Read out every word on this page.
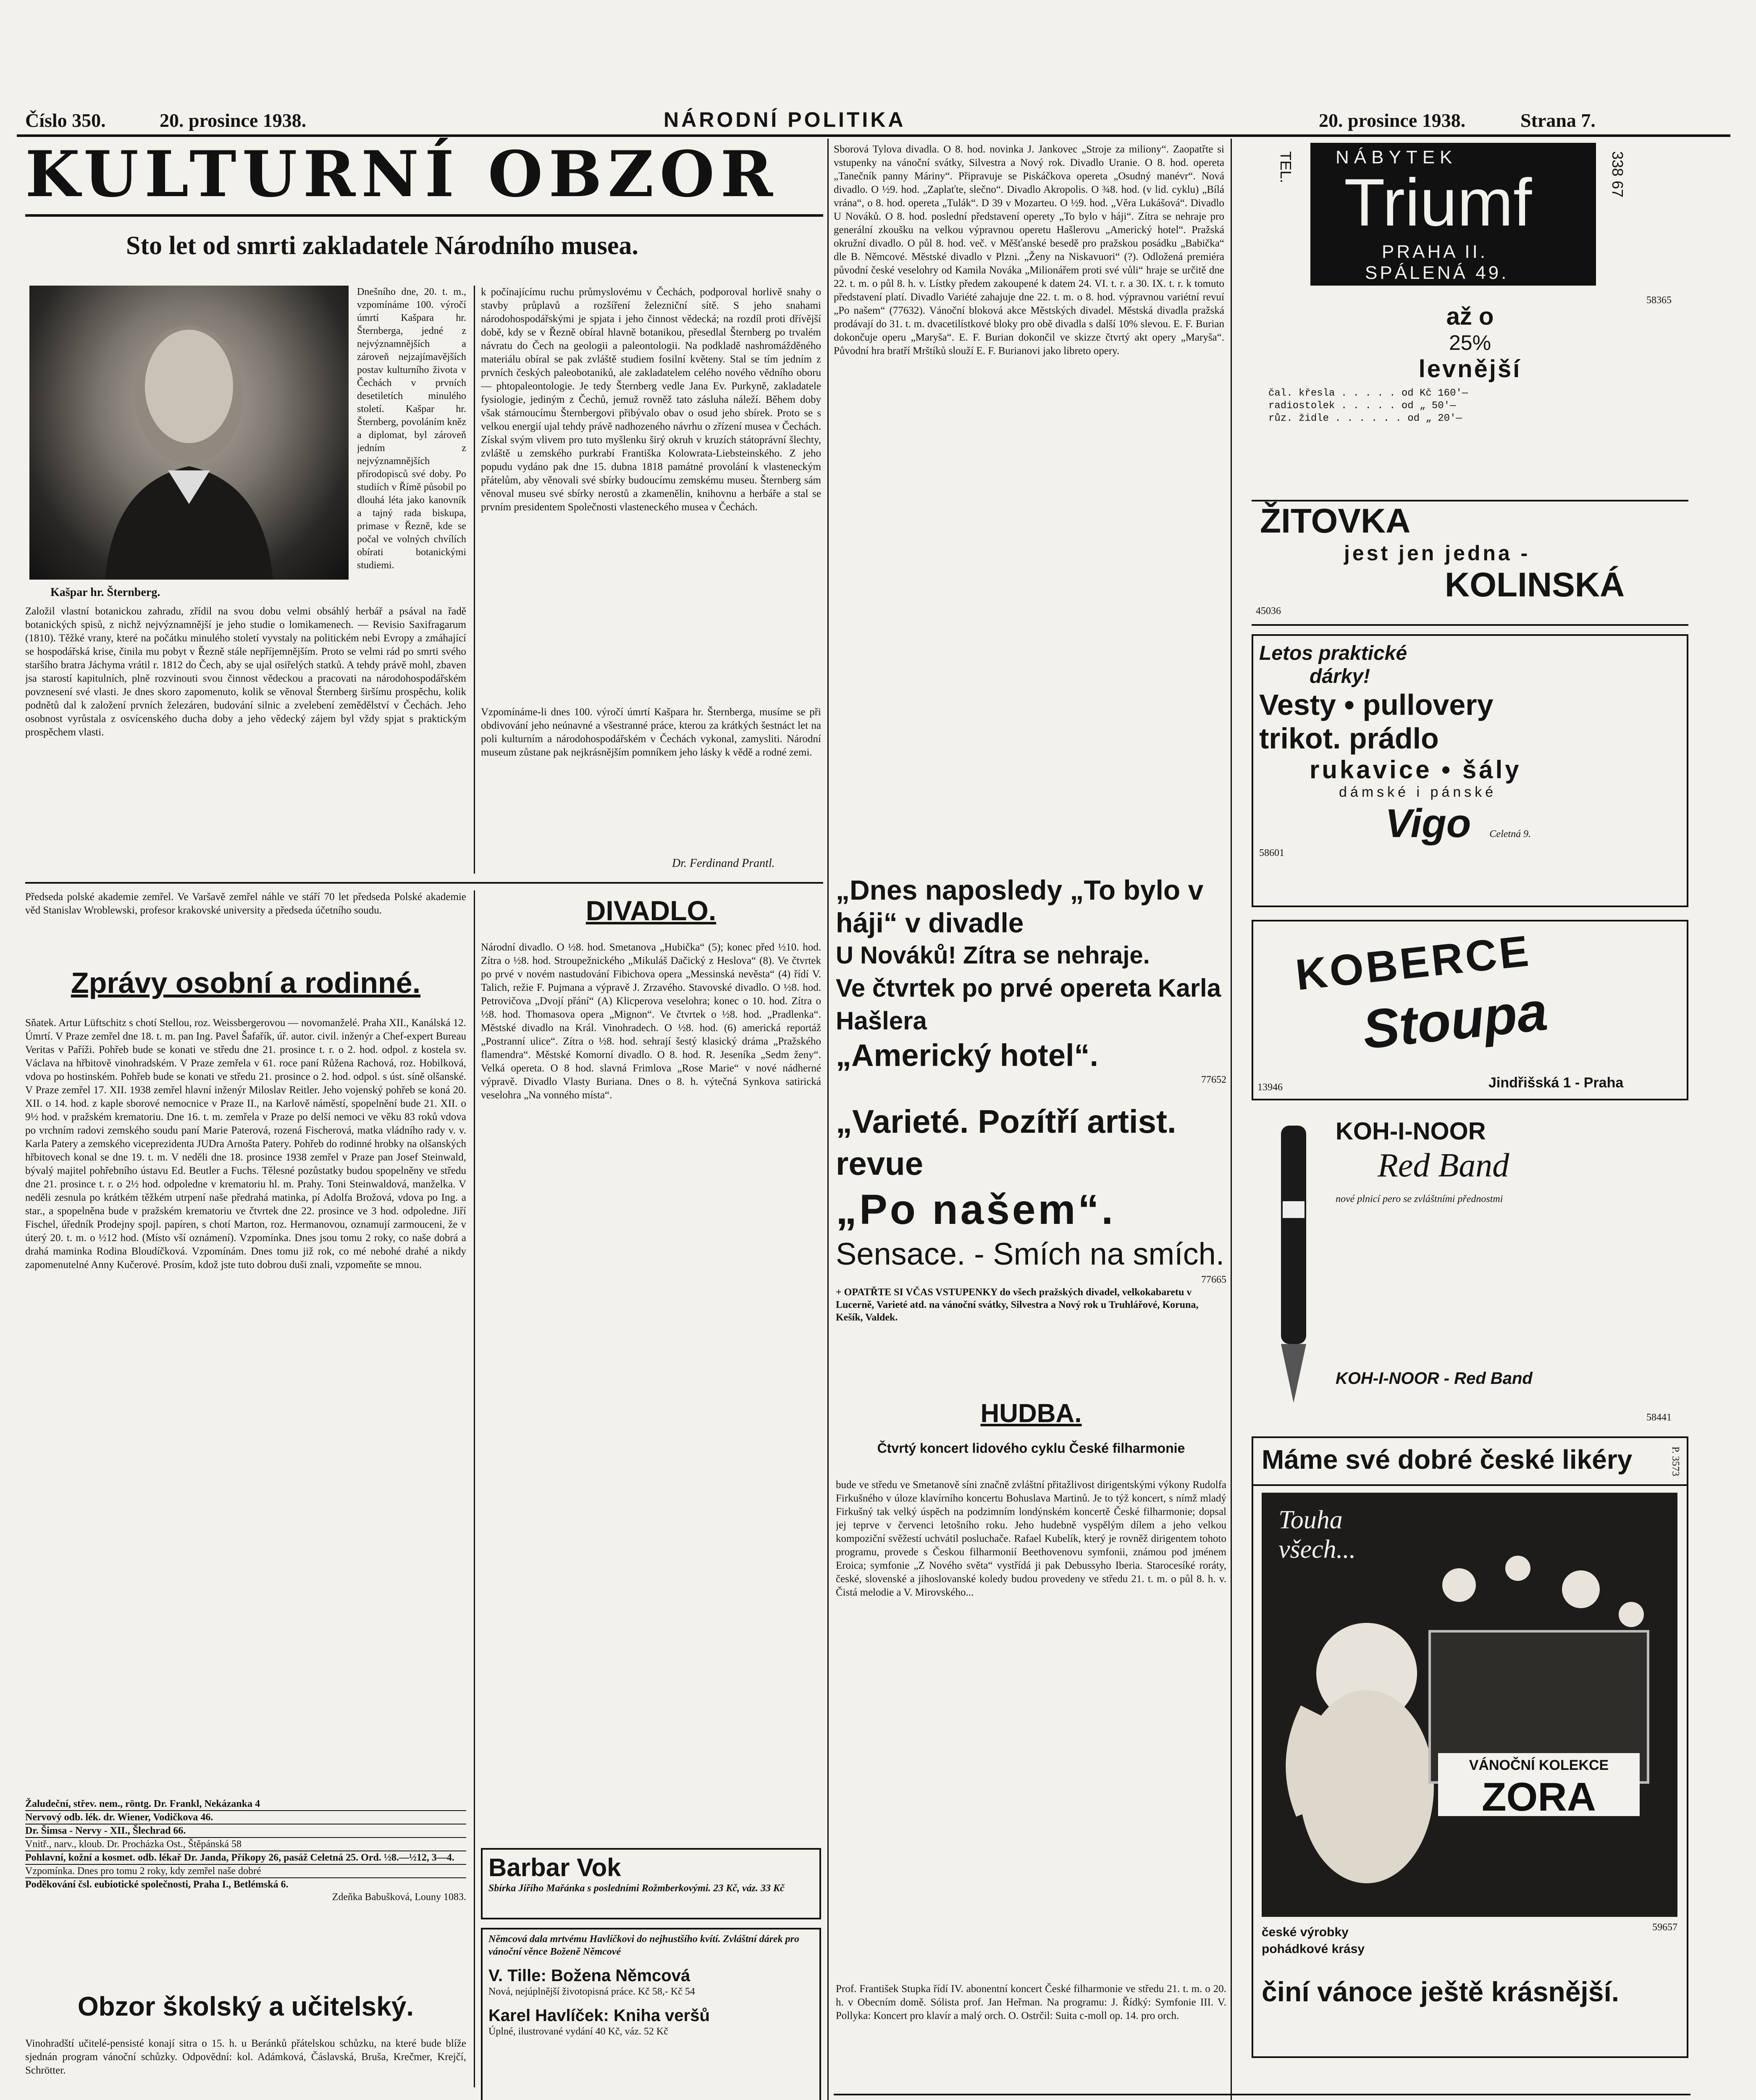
Číslo 350.	20. prosince 1938.	NÁRODNÍ POLITIKA	20. prosince 1938.	Strana 7.
KULTURNÍ OBZOR
Sto let od smrti zakladatele Národního musea.
Kašpar hr. Šternberg.
Dnešního dne, 20. t. m., vzpomínáme 100. výročí úmrtí Kašpara hr. Šternberga, jedné z nejvýznamnějších a zároveň nejzajímavějších postav kulturního života v Čechách v prvních desetiletích minulého století. Kašpar hr. Šternberg, povoláním kněz a diplomat, byl zároveň jedním z nejvýznamnějších přírodopisců své doby. Po studiích v Římě působil po dlouhá léta jako kanovník a tajný rada biskupa, primase v Řezně, kde se počal ve volných chvílích obírati botanickými studiemi.
Založil vlastní botanickou zahradu, zřídil na svou dobu velmi obsáhlý herbář a psával na řadě botanických spisů, z nichž nejvýznamnější je jeho studie o lomikamenech. — Revisio Saxifragarum (1810). Těžké vrany, které na počátku minulého století vyvstaly na politickém nebi Evropy a zmáhající se hospodářská krise, činila mu pobyt v Řezně stále nepříjemnějším. Proto se velmi rád po smrti svého staršího bratra Jáchyma vrátil r. 1812 do Čech, aby se ujal osiřelých statků. A tehdy právě mohl, zbaven jsa starostí kapitulních, plně rozvinouti svou činnost vědeckou a pracovati na národohospodářském povznesení své vlasti. Je dnes skoro zapomenuto, kolik se věnoval Šternberg širšímu prospěchu, kolik podnětů dal k založení prvních železáren, budování silnic a zvelebení zemědělství v Čechách. Jeho osobnost vyrůstala z osvícenského ducha doby a jeho vědecký zájem byl vždy spjat s praktickým prospěchem vlasti.
k počínajícímu ruchu průmyslovému v Čechách, podporoval horlivě snahy o stavby průplavů a rozšíření železniční sítě. S jeho snahami národohospodářskými je spjata i jeho činnost vědecká; na rozdíl proti dřívější době, kdy se v Řezně obíral hlavně botanikou, přesedlal Šternberg po trvalém návratu do Čech na geologii a paleontologii. Na podkladě nashromážděného materiálu obíral se pak zvláště studiem fosilní květeny. Stal se tím jedním z prvních českých paleobotaniků, ale zakladatelem celého nového vědního oboru — phtopaleontologie. Je tedy Šternberg vedle Jana Ev. Purkyně, zakladatele fysiologie, jediným z Čechů, jemuž rovněž tato zásluha náleží. Během doby však stárnoucímu Šternbergovi přibývalo obav o osud jeho sbírek. Proto se s velkou energií ujal tehdy právě nadhozeného návrhu o zřízení musea v Čechách. Získal svým vlivem pro tuto myšlenku širý okruh v kruzích státoprávní šlechty, zvláště u zemského purkrabí Františka Kolowrata-Liebsteinského. Z jeho popudu vydáno pak dne 15. dubna 1818 památné provolání k vlasteneckým přátelům, aby věnovali své sbírky budoucímu zemskému museu. Šternberg sám věnoval museu své sbírky nerostů a zkamenělin, knihovnu a herbáře a stal se prvním presidentem Společnosti vlasteneckého musea v Čechách.
Vzpomínáme-li dnes 100. výročí úmrtí Kašpara hr. Šternberga, musíme se při obdivování jeho neúnavné a všestranné práce, kterou za krátkých šestnáct let na poli kulturním a národohospodářském v Čechách vykonal, zamysliti. Národní museum zůstane pak nejkrásnějším pomníkem jeho lásky k vědě a rodné zemi.
Dr. Ferdinand Prantl.
Předseda polské akademie zemřel. Ve Varšavě zemřel náhle ve stáří 70 let předseda Polské akademie věd Stanislav Wroblewski, profesor krakovské university a předseda účetního soudu.
Zprávy osobní a rodinné.
Sňatek. Artur Lüftschitz s chotí Stellou, roz. Weissbergerovou — novomanželé. Praha XII., Kanálská 12. Úmrtí. V Praze zemřel dne 18. t. m. pan Ing. Pavel Šafařík, úř. autor. civil. inženýr a Chef-expert Bureau Veritas v Paříži. Pohřeb bude se konati ve středu dne 21. prosince t. r. o 2. hod. odpol. z kostela sv. Václava na hřbitově vinohradském. V Praze zemřela v 61. roce paní Růžena Rachová, roz. Hobilková, vdova po hostinském. Pohřeb bude se konati ve středu 21. prosince o 2. hod. odpol. s úst. síně olšanské. V Praze zemřel 17. XII. 1938 zemřel hlavní inženýr Miloslav Reitler. Jeho vojenský pohřeb se koná 20. XII. o 14. hod. z kaple sborové nemocnice v Praze II., na Karlově náměstí, spopelnění bude 21. XII. o 9½ hod. v pražském krematoriu. Dne 16. t. m. zemřela v Praze po delší nemoci ve věku 83 roků vdova po vrchním radovi zemského soudu paní Marie Paterová, rozená Fischerová, matka vládního rady v. v. Karla Patery a zemského viceprezidenta JUDra Arnošta Patery. Pohřeb do rodinné hrobky na olšanských hřbitovech konal se dne 19. t. m. V neděli dne 18. prosince 1938 zemřel v Praze pan Josef Steinwald, bývalý majitel pohřebního ústavu Ed. Beutler a Fuchs. Tělesné pozůstatky budou spopelněny ve středu dne 21. prosince t. r. o 2½ hod. odpoledne v krematoriu hl. m. Prahy. Toni Steinwaldová, manželka. V neděli zesnula po krátkém těžkém utrpení naše předrahá matinka, pí Adolfa Brožová, vdova po Ing. a star., a spopelněna bude v pražském krematoriu ve čtvrtek dne 22. prosince ve 3 hod. odpoledne. Jiří Fischel, úředník Prodejny spojl. papíren, s chotí Marton, roz. Hermanovou, oznamují zarmouceni, že v úterý 20. t. m. o ½12 hod. (Místo vší oznámení). Vzpomínka. Dnes jsou tomu 2 roky, co naše dobrá a drahá maminka Rodina Bloudíčková. Vzpomínám. Dnes tomu již rok, co mé nebohé drahé a nikdy zapomenutelné Anny Kučerové. Prosím, kdož jste tuto dobrou duši znali, vzpomeňte se mnou.
Žaludeční, střev. nem., röntg. Dr. Frankl, Nekázanka 4
Nervový odb. lék. dr. Wiener, Vodičkova 46.
Dr. Šimsa - Nervy - XII., Šlechrad 66.
Vnitř., narv., kloub. Dr. Procházka Ost., Štěpánská 58
Pohlavní, kožní a kosmet. odb. lékař Dr. Janda, Příkopy 26, pasáž Celetná 25. Ord. ½8.—½12, 3—4.
Vzpomínka. Dnes pro tomu 2 roky, kdy zemřel naše dobré
Poděkování čsl. eubiotické společnosti, Praha I., Betlémská 6.
Zdeňka Babušková, Louny 1083.
Obzor školský a učitelský.
Vinohradští učitelé-pensisté konají sitra o 15. h. u Beránků přátelskou schůzku, na které bude blíže sjednán program vánoční schůzky. Odpovědní: kol. Adámková, Čáslavská, Bruša, Krečmer, Krejčí, Schrötter.
DIVADLO.
Národní divadlo. O ½8. hod. Smetanova „Hubička“ (5); konec před ½10. hod. Zítra o ½8. hod. Stroupežnického „Mikuláš Dačický z Heslova“ (8). Ve čtvrtek po prvé v novém nastudování Fibichova opera „Messinská nevěsta“ (4) řídí V. Talich, režie F. Pujmana a výpravě J. Zrzavého. Stavovské divadlo. O ½8. hod. Petrovičova „Dvojí přání“ (A) Klicperova veselohra; konec o 10. hod. Zítra o ½8. hod. Thomasova opera „Mignon“. Ve čtvrtek o ½8. hod. „Pradlenka“. Městské divadlo na Král. Vinohradech. O ½8. hod. (6) americká reportáž „Postranní ulice“. Zítra o ½8. hod. sehrají šestý klasický dráma „Pražského flamendra“. Městské Komorní divadlo. O 8. hod. R. Jeseníka „Sedm ženy“. Velká opereta. O 8 hod. slavná Frimlova „Rose Marie“ v nové nádherné výpravě. Divadlo Vlasty Buriana. Dnes o 8. h. výtečná Synkova satirická veselohra „Na vonného místa“.
Barbar Vok
Sbírka Jiřího Mařánka s posledními Rožmberkovými. 23 Kč, váz. 33 Kč
Němcová dala mrtvému Havlíčkovi do nejhustšího kvítí. Zvláštní dárek pro vánoční věnce Boženě Němcové
V. Tille: Božena Němcová
Nová, nejúplnější životopisná práce. Kč 58,- Kč 54
Karel Havlíček: Kniha veršů
Úplné, ilustrované vydání 40 Kč, váz. 52 Kč
Sborová Tylova divadla. O 8. hod. novinka J. Jankovec „Stroje za miliony“. Zaopatřte si vstupenky na vánoční svátky, Silvestra a Nový rok. Divadlo Uranie. O 8. hod. opereta „Tanečník panny Máriny“. Připravuje se Piskáčkova opereta „Osudný manévr“. Nová divadlo. O ½9. hod. „Zaplaťte, slečno“. Divadlo Akropolis. O ¾8. hod. (v lid. cyklu) „Bílá vrána“, o 8. hod. opereta „Tulák“. D 39 v Mozarteu. O ½9. hod. „Věra Lukášová“. Divadlo U Nováků. O 8. hod. poslední představení operety „To bylo v háji“. Zítra se nehraje pro generální zkoušku na velkou výpravnou operetu Hašlerovu „Americký hotel“. Pražská okružní divadlo. O půl 8. hod. več. v Měšťanské besedě pro pražskou posádku „Babička“ dle B. Němcové. Městské divadlo v Plzni. „Ženy na Niskavuori“ (?). Odložená premiéra původní české veselohry od Kamila Nováka „Milionářem proti své vůli“ hraje se určitě dne 22. t. m. o půl 8. h. v. Lístky předem zakoupené k datem 24. VI. t. r. a 30. IX. t. r. k tomuto představení platí. Divadlo Variété zahajuje dne 22. t. m. o 8. hod. výpravnou variétní revuí „Po našem“ (77632). Vánoční bloková akce Městských divadel. Městská divadla pražská prodávají do 31. t. m. dvacetilístkové bloky pro obě divadla s další 10% slevou. E. F. Burian dokončuje operu „Maryša“. E. F. Burian dokončil ve skizze čtvrtý akt opery „Maryša“. Původní hra bratří Mrštíků slouží E. F. Burianovi jako libreto opery.
„Dnes naposledy „To bylo v háji“ v divadle
U Nováků! Zítra se nehraje.
Ve čtvrtek po prvé opereta Karla Hašlera
„Americký hotel“.
77652
„Varieté. Pozítří artist. revue
„Po našem“.
Sensace. - Smích na smích.
77665
+ OPATŘTE SI VČAS VSTUPENKY do všech pražských divadel, velkokabaretu v Lucerně, Varieté atd. na vánoční svátky, Silvestra a Nový rok u Truhlářové, Koruna, Kešík, Valdek.
HUDBA.
Čtvrtý koncert lidového cyklu České filharmonie
bude ve středu ve Smetanově síni značně zvláštní přitažlivost dirigentskými výkony Rudolfa Firkušného v úloze klavírního koncertu Bohuslava Martinů. Je to týž koncert, s nímž mladý Firkušný tak velký úspěch na podzimním londýnském koncertě České filharmonie; dopsal jej teprve v červenci letošního roku. Jeho hudebně vyspělým dílem a jeho velkou kompoziční svěžestí uchvátil posluchače. Rafael Kubelík, který je rovněž dirigentem tohoto programu, provede s Českou filharmonií Beethovenovu symfonii, známou pod jménem Eroica; symfonie „Z Nového světa“ vystřídá ji pak Debussyho Iberia. Starocesíké roráty, české, slovenské a jihoslovanské koledy budou provedeny ve středu 21. t. m. o půl 8. h. v. Čistá melodie a V. Mirovského...
Prof. František Stupka řídí IV. abonentní koncert České filharmonie ve středu 21. t. m. o 20. h. v Obecním domě. Sólista prof. Jan Heřman. Na programu: J. Řídký: Symfonie III. V. Pollyka: Koncert pro klavír a malý orch. O. Ostrčil: Suita c-moll op. 14. pro orch.
NÁBYTEK
Triumf
PRAHA II.
SPÁLENÁ 49.
TEL.	338 67
až o
25%
levnější
čal. křesla . . . . . od Kč 160'—
radiostolek . . . . . od „ 50'—
růz. židle . . . . . . od „ 20'—
58365
ŽITOVKA
jest jen jedna -
KOLINSKÁ
45036
Letos praktické
dárky!
Vesty • pullovery
trikot. prádlo
rukavice • šály
dámské i pánské
Vigo Celetná 9.
58601
KOBERCE
Stoupa
Jindřišská 1 - Praha
13946
KOH-I-NOOR
Red Band
nové plnicí pero se zvláštními přednostmi
KOH-I-NOOR - Red Band
58441
Máme své dobré české likéry	P. 3573
Touha všech...
VÁNOČNÍ KOLEKCE
ZORA
59657
české výrobky
pohádkové krásy
činí vánoce ještě krásnější.
